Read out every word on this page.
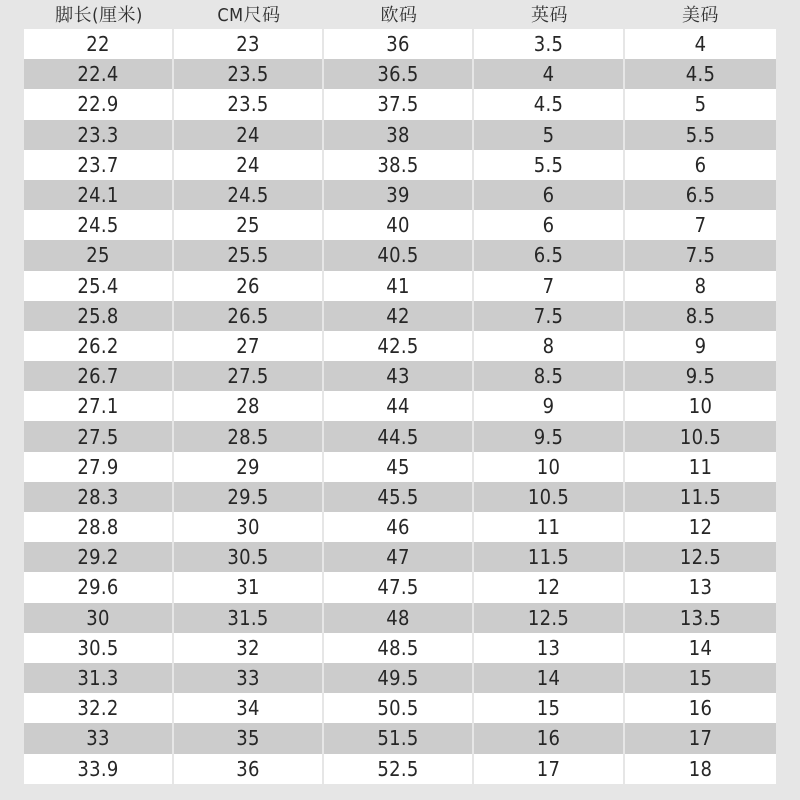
脚长(厘米)	CM尺码	欧码	英码	美码
22	23	36	3.5	4
22.4	23.5	36.5	4	4.5
22.9	23.5	37.5	4.5	5
23.3	24	38	5	5.5
23.7	24	38.5	5.5	6
24.1	24.5	39	6	6.5
24.5	25	40	6	7
25	25.5	40.5	6.5	7.5
25.4	26	41	7	8
25.8	26.5	42	7.5	8.5
26.2	27	42.5	8	9
26.7	27.5	43	8.5	9.5
27.1	28	44	9	10
27.5	28.5	44.5	9.5	10.5
27.9	29	45	10	11
28.3	29.5	45.5	10.5	11.5
28.8	30	46	11	12
29.2	30.5	47	11.5	12.5
29.6	31	47.5	12	13
30	31.5	48	12.5	13.5
30.5	32	48.5	13	14
31.3	33	49.5	14	15
32.2	34	50.5	15	16
33	35	51.5	16	17
33.9	36	52.5	17	18
